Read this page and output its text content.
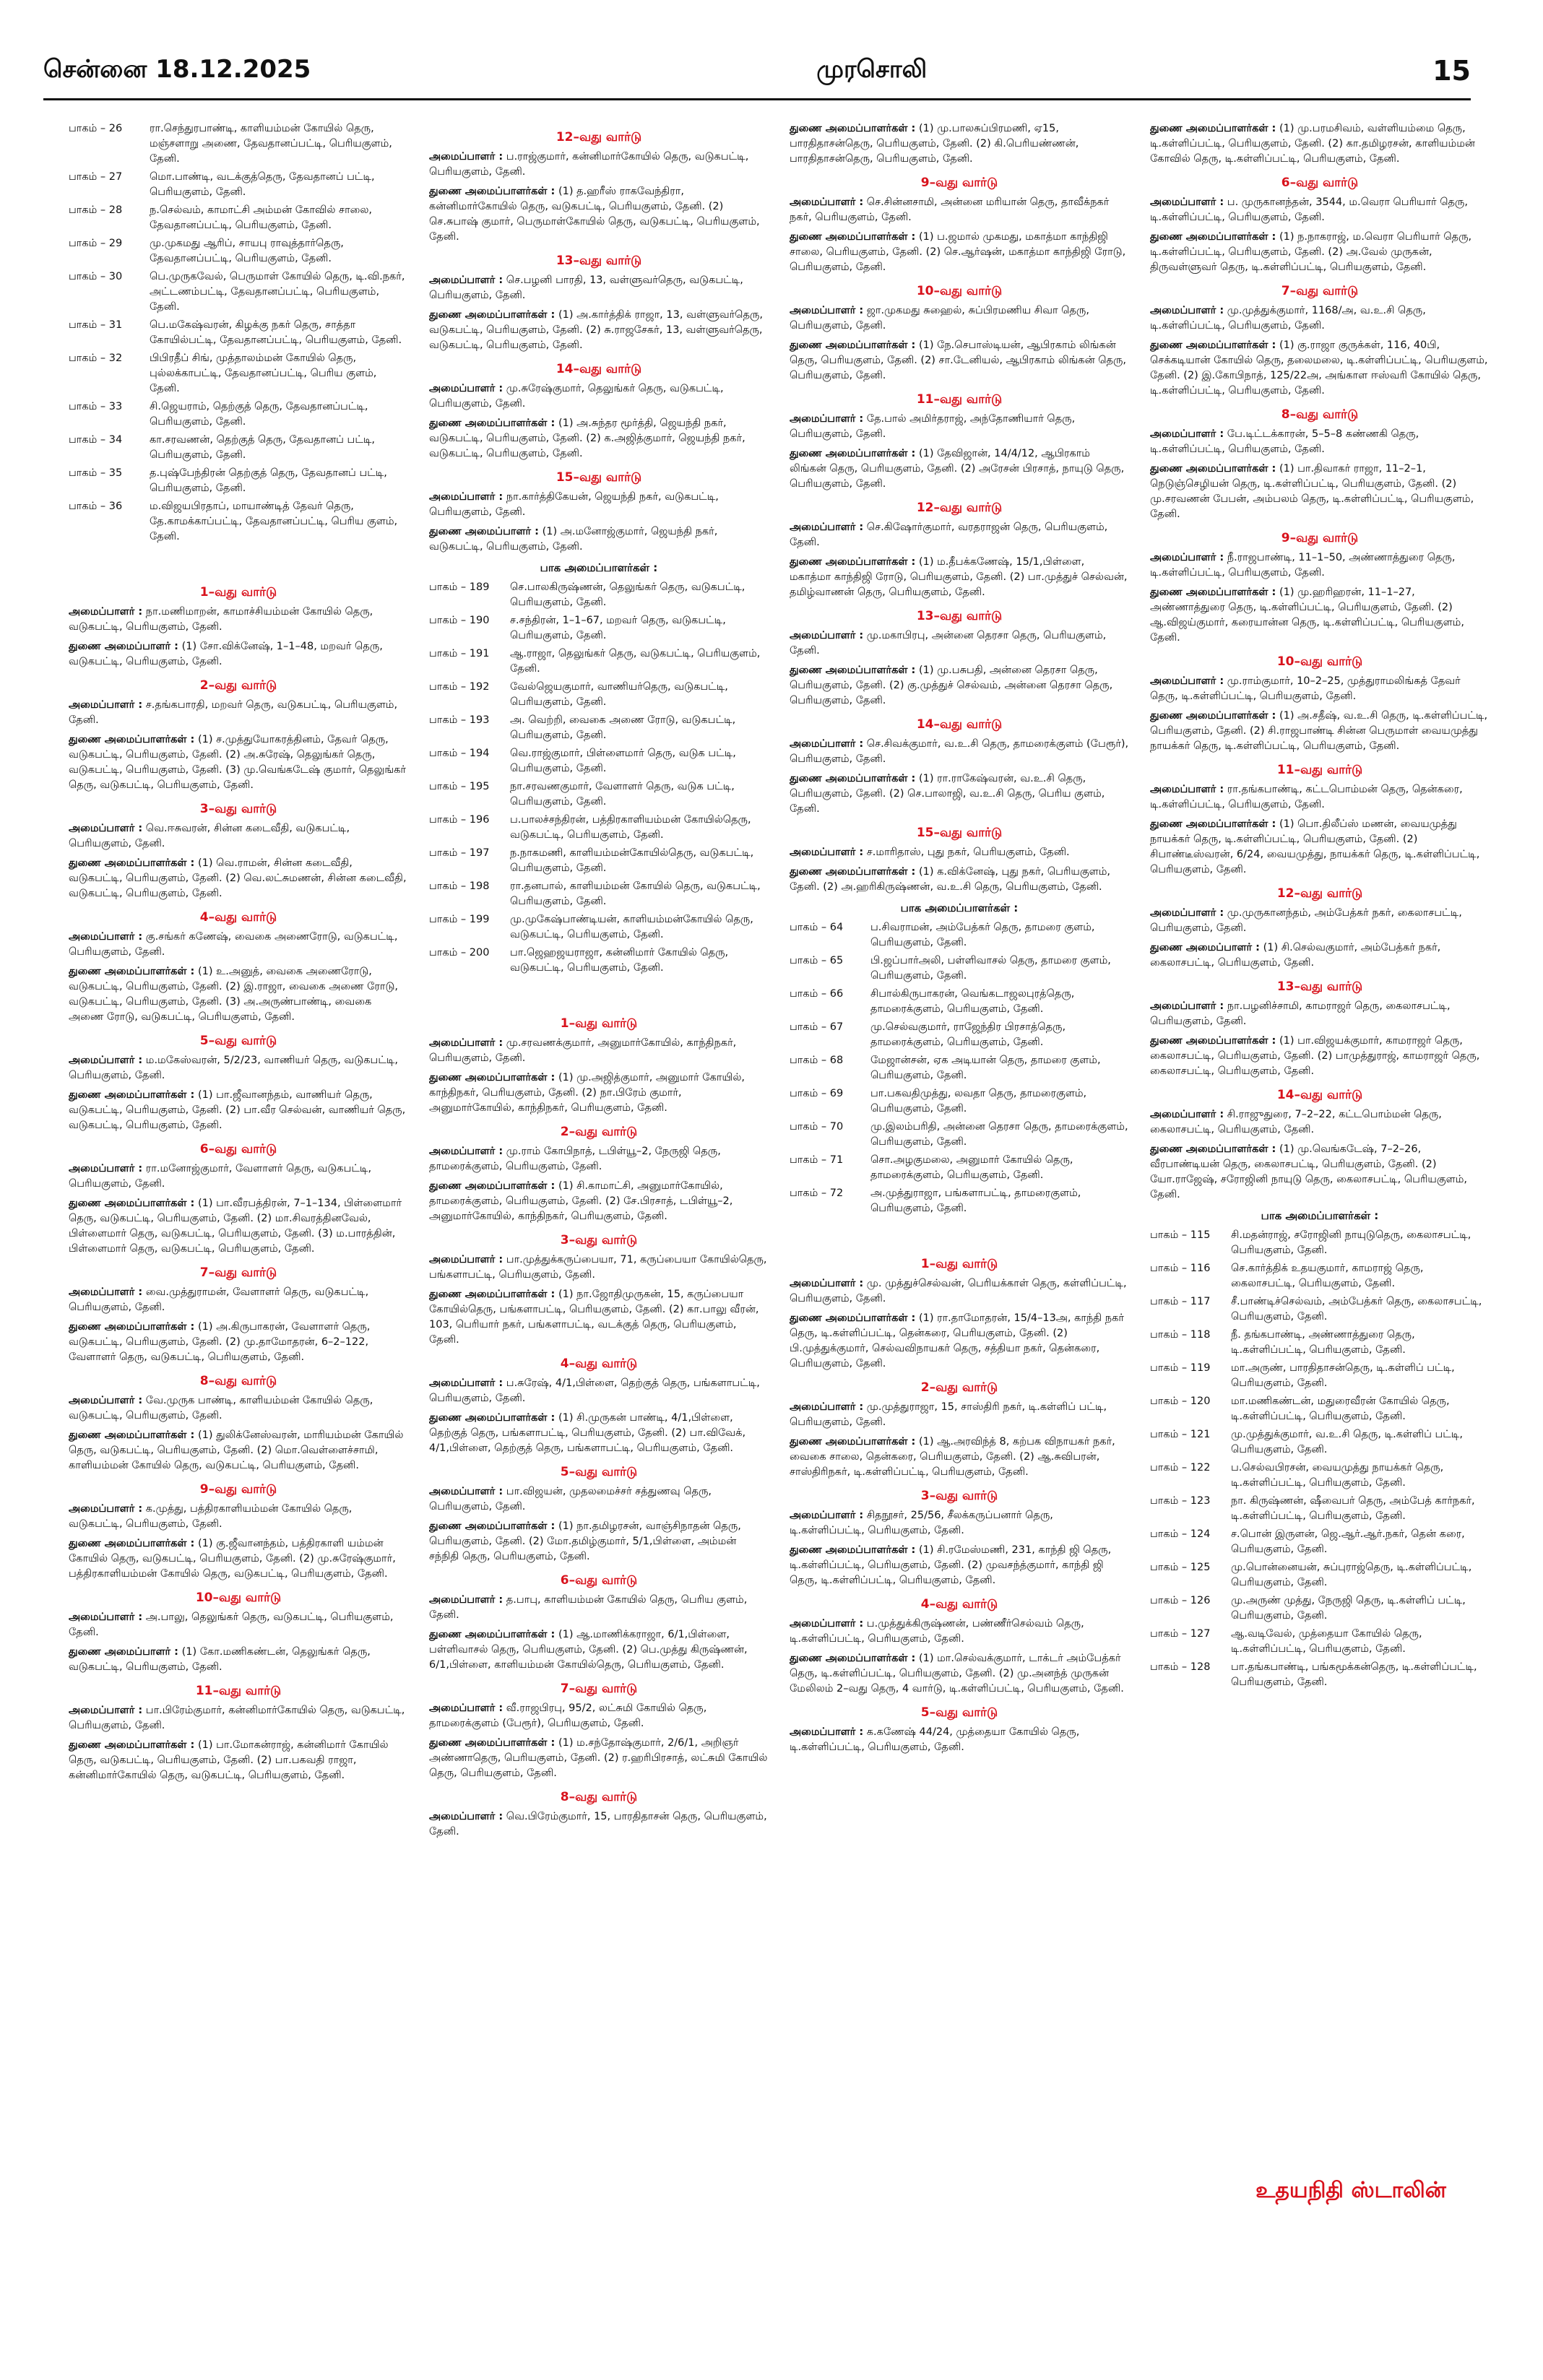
சென்னை 18.12.2025	முரசொலி	15
பாகம் – 26	ரா.செந்துரபாண்டி, காளியம்மன் கோயில் தெரு, மஞ்சளாறு அணை, தேவதானப்பட்டி, பெரியகுளம், தேனி.
பாகம் – 27	மொ.பாண்டி, வடக்குத்தெரு, தேவதானப் பட்டி, பெரியகுளம், தேனி.
பாகம் – 28	ந.செல்வம், காமாட்சி அம்மன் கோவில் சாலை, தேவதானப்பட்டி, பெரியகுளம், தேனி.
பாகம் – 29	மு.முகமது ஆரிப், சாயபு ராவுத்தார்தெரு, தேவதானப்பட்டி, பெரியகுளம், தேனி.
பாகம் – 30	பெ.முருகவேல், பெருமாள் கோயில் தெரு, டி.வி.நகர், அட்டணம்பட்டி, தேவதானப்பட்டி, பெரியகுளம், தேனி.
பாகம் – 31	பெ.மகேஷ்வரன், கிழக்கு நகர் தெரு, சாத்தா கோயில்பட்டி, தேவதானப்பட்டி, பெரியகுளம், தேனி.
பாகம் – 32	பிபிரதீப் சிங், முத்தாலம்மன் கோயில் தெரு, புல்லக்காபட்டி, தேவதானப்பட்டி, பெரிய குளம், தேனி.
பாகம் – 33	சி.ஜெயராம், தெற்குத் தெரு, தேவதானப்பட்டி, பெரியகுளம், தேனி.
பாகம் – 34	கா.சரவணன், தெற்குத் தெரு, தேவதானப் பட்டி, பெரியகுளம், தேனி.
பாகம் – 35	த.புஷ்பேந்திரன் தெற்குத் தெரு, தேவதானப் பட்டி, பெரியகுளம், தேனி.
பாகம் – 36	ம.விஜயபிரதாப், மாயாண்டித் தேவர் தெரு, தே.காமக்காப்பட்டி, தேவதானப்பட்டி, பெரிய குளம், தேனி.
1–வது வார்டு
அமைப்பாளர் : நா.மணிமாறன், காமாச்சியம்மன் கோயில் தெரு, வடுகபட்டி, பெரியகுளம், தேனி.
துணை அமைப்பாளர் : (1) சோ.விக்னேஷ், 1–1–48, மறவர் தெரு, வடுகபட்டி, பெரியகுளம், தேனி.
2–வது வார்டு
அமைப்பாளர் : ச.தங்கபாரதி, மறவர் தெரு, வடுகபட்டி, பெரியகுளம், தேனி.
துணை அமைப்பாளர்கள் : (1) ச.முத்துயோகரத்தினம், தேவர் தெரு, வடுகபட்டி, பெரியகுளம், தேனி. (2) அ.சுரேஷ், தெலுங்கர் தெரு, வடுகபட்டி, பெரியகுளம், தேனி. (3) மு.வெங்கடேஷ் குமார், தெலுங்கர் தெரு, வடுகபட்டி, பெரியகுளம், தேனி.
3–வது வார்டு
அமைப்பாளர் : வெ.ஈசுவரன், சின்ன கடைவீதி, வடுகபட்டி, பெரியகுளம், தேனி.
துணை அமைப்பாளர்கள் : (1) வெ.ராமன், சின்ன கடைவீதி, வடுகபட்டி, பெரியகுளம், தேனி. (2) வெ.லட்சுமணன், சின்ன கடைவீதி, வடுகபட்டி, பெரியகுளம், தேனி.
4–வது வார்டு
அமைப்பாளர் : கு.சங்கர் கணேஷ், வைகை அணைரோடு, வடுகபட்டி, பெரியகுளம், தேனி.
துணை அமைப்பாளர்கள் : (1) உ.அனுத், வைகை அணைரோடு, வடுகபட்டி, பெரியகுளம், தேனி. (2) இ.ராஜா, வைகை அணை ரோடு, வடுகபட்டி, பெரியகுளம், தேனி. (3) அ.அருண்பாண்டி, வைகை அணை ரோடு, வடுகபட்டி, பெரியகுளம், தேனி.
5–வது வார்டு
அமைப்பாளர் : ம.மகேஸ்வரன், 5/2/23, வாணியர் தெரு, வடுகபட்டி, பெரியகுளம், தேனி.
துணை அமைப்பாளர்கள் : (1) பா.ஜீவானந்தம், வாணியர் தெரு, வடுகபட்டி, பெரியகுளம், தேனி. (2) பா.வீர செல்வன், வாணியர் தெரு, வடுகபட்டி, பெரியகுளம், தேனி.
6–வது வார்டு
அமைப்பாளர் : ரா.மனோஜ்குமார், வேளாளர் தெரு, வடுகபட்டி, பெரியகுளம், தேனி.
துணை அமைப்பாளர்கள் : (1) பா.வீரபத்திரன், 7–1–134, பிள்ளைமார் தெரு, வடுகபட்டி, பெரியகுளம், தேனி. (2) மா.சிவரத்தினவேல், பிள்ளைமார் தெரு, வடுகபட்டி, பெரியகுளம், தேனி. (3) ம.பாரத்தின், பிள்ளைமார் தெரு, வடுகபட்டி, பெரியகுளம், தேனி.
7–வது வார்டு
அமைப்பாளர் : வை.முத்துராமன், வேளாளர் தெரு, வடுகபட்டி, பெரியகுளம், தேனி.
துணை அமைப்பாளர்கள் : (1) அ.கிருபாகரன், வேளாளர் தெரு, வடுகபட்டி, பெரியகுளம், தேனி. (2) மு.தாமோதரன், 6–2–122, வேளாளர் தெரு, வடுகபட்டி, பெரியகுளம், தேனி.
8–வது வார்டு
அமைப்பாளர் : வே.முருக பாண்டி, காளியம்மன் கோயில் தெரு, வடுகபட்டி, பெரியகுளம், தேனி.
துணை அமைப்பாளர்கள் : (1) துலிக்னேஸ்வரன், மாரியம்மன் கோயில் தெரு, வடுகபட்டி, பெரியகுளம், தேனி. (2) மொ.வெள்ளைச்சாமி, காளியம்மன் கோயில் தெரு, வடுகபட்டி, பெரியகுளம், தேனி.
9–வது வார்டு
அமைப்பாளர் : க.முத்து, பத்திரகாளியம்மன் கோயில் தெரு, வடுகபட்டி, பெரியகுளம், தேனி.
துணை அமைப்பாளர்கள் : (1) கு.ஜீவானந்தம், பத்திரகாளி யம்மன் கோயில் தெரு, வடுகபட்டி, பெரியகுளம், தேனி. (2) மு.சுரேஷ்குமார், பத்திரகாளியம்மன் கோயில் தெரு, வடுகபட்டி, பெரியகுளம், தேனி.
10–வது வார்டு
அமைப்பாளர் : அ.பாலு, தெலுங்கர் தெரு, வடுகபட்டி, பெரியகுளம், தேனி.
துணை அமைப்பாளர் : (1) கோ.மணிகண்டன், தெலுங்கர் தெரு, வடுகபட்டி, பெரியகுளம், தேனி.
11–வது வார்டு
அமைப்பாளர் : பா.பிரேம்குமார், கன்னிமார்கோயில் தெரு, வடுகபட்டி, பெரியகுளம், தேனி.
துணை அமைப்பாளர்கள் : (1) பா.மோகன்ராஜ், கன்னிமார் கோயில் தெரு, வடுகபட்டி, பெரியகுளம், தேனி. (2) பா.பகவதி ராஜா, கன்னிமார்கோயில் தெரு, வடுகபட்டி, பெரியகுளம், தேனி.
12–வது வார்டு
அமைப்பாளர் : ப.ராஜ்குமார், கன்னிமார்கோயில் தெரு, வடுகபட்டி, பெரியகுளம், தேனி.
துணை அமைப்பாளர்கள் : (1) த.ஹரீஸ் ராகவேந்திரா, கன்னிமார்கோயில் தெரு, வடுகபட்டி, பெரியகுளம், தேனி. (2) செ.சுபாஷ் குமார், பெருமாள்கோயில் தெரு, வடுகபட்டி, பெரியகுளம், தேனி.
13–வது வார்டு
அமைப்பாளர் : செ.பழனி பாரதி, 13, வள்ளுவர்தெரு, வடுகபட்டி, பெரியகுளம், தேனி.
துணை அமைப்பாளர்கள் : (1) அ.கார்த்திக் ராஜா, 13, வள்ளுவர்தெரு, வடுகபட்டி, பெரியகுளம், தேனி. (2) சு.ராஜசேகர், 13, வள்ளுவர்தெரு, வடுகபட்டி, பெரியகுளம், தேனி.
14–வது வார்டு
அமைப்பாளர் : மு.சுரேஷ்குமார், தெலுங்கர் தெரு, வடுகபட்டி, பெரியகுளம், தேனி.
துணை அமைப்பாளர்கள் : (1) அ.சுந்தர மூர்த்தி, ஜெயந்தி நகர், வடுகபட்டி, பெரியகுளம், தேனி. (2) க.அஜித்குமார், ஜெயந்தி நகர், வடுகபட்டி, பெரியகுளம், தேனி.
15–வது வார்டு
அமைப்பாளர் : நா.கார்த்திகேயன், ஜெயந்தி நகர், வடுகபட்டி, பெரியகுளம், தேனி.
துணை அமைப்பாளர் : (1) அ.மனோஜ்குமார், ஜெயந்தி நகர், வடுகபட்டி, பெரியகுளம், தேனி.
பாக அமைப்பாளர்கள் :
பாகம் – 189	செ.பாலகிருஷ்ணன், தெலுங்கர் தெரு, வடுகபட்டி, பெரியகுளம், தேனி.
பாகம் – 190	ச.சந்திரன், 1–1–67, மறவர் தெரு, வடுகபட்டி, பெரியகுளம், தேனி.
பாகம் – 191	ஆ.ராஜா, தெலுங்கர் தெரு, வடுகபட்டி, பெரியகுளம், தேனி.
பாகம் – 192	வேல்ஜெயகுமார், வாணியர்தெரு, வடுகபட்டி, பெரியகுளம், தேனி.
பாகம் – 193	அ. வெற்றி, வைகை அணை ரோடு, வடுகபட்டி, பெரியகுளம், தேனி.
பாகம் – 194	வெ.ராஜ்குமார், பிள்ளைமார் தெரு, வடுக பட்டி, பெரியகுளம், தேனி.
பாகம் – 195	நா.சரவணகுமார், வேளாளர் தெரு, வடுக பட்டி, பெரியகுளம், தேனி.
பாகம் – 196	ப.பாலச்சந்திரன், பத்திரகாளியம்மன் கோயில்தெரு, வடுகபட்டி, பெரியகுளம், தேனி.
பாகம் – 197	ந.நாகமணி, காளியம்மன்கோயில்தெரு, வடுகபட்டி, பெரியகுளம், தேனி.
பாகம் – 198	ரா.தனபால், காளியம்மன் கோயில் தெரு, வடுகபட்டி, பெரியகுளம், தேனி.
பாகம் – 199	மு.முகேஷ்பாண்டியன், காளியம்மன்கோயில் தெரு, வடுகபட்டி, பெரியகுளம், தேனி.
பாகம் – 200	பா.ஜெஹஜயராஜா, கன்னிமார் கோயில் தெரு, வடுகபட்டி, பெரியகுளம், தேனி.
1–வது வார்டு
அமைப்பாளர் : மு.சரவணக்குமார், அனுமார்கோயில், காந்திநகர், பெரியகுளம், தேனி.
துணை அமைப்பாளர்கள் : (1) மு.அஜித்குமார், அனுமார் கோயில், காந்திநகர், பெரியகுளம், தேனி. (2) நா.பிரேம் குமார், அனுமார்கோயில், காந்திநகர், பெரியகுளம், தேனி.
2–வது வார்டு
அமைப்பாளர் : மு.ராம் கோபிநாத், டபிள்யூ–2, நேருஜி தெரு, தாமரைக்குளம், பெரியகுளம், தேனி.
துணை அமைப்பாளர்கள் : (1) சி.காமாட்சி, அனுமார்கோயில், தாமரைக்குளம், பெரியகுளம், தேனி. (2) சே.பிரசாத், டபிள்யூ–2, அனுமார்கோயில், காந்திநகர், பெரியகுளம், தேனி.
3–வது வார்டு
அமைப்பாளர் : பா.முத்துக்கருப்பையா, 71, கருப்பையா கோயில்தெரு, பங்களாபட்டி, பெரியகுளம், தேனி.
துணை அமைப்பாளர்கள் : (1) நா.ஜோதிமுருகன், 15, கருப்பையா கோயில்தெரு, பங்களாபட்டி, பெரியகுளம், தேனி. (2) கா.பாலு வீரன், 103, பெரியார் நகர், பங்களாபட்டி, வடக்குத் தெரு, பெரியகுளம், தேனி.
4–வது வார்டு
அமைப்பாளர் : ப.சுரேஷ், 4/1,பிள்ளை, தெற்குத் தெரு, பங்களாபட்டி, பெரியகுளம், தேனி.
துணை அமைப்பாளர்கள் : (1) சி.முருகன் பாண்டி, 4/1,பிள்ளை, தெற்குத் தெரு, பங்களாபட்டி, பெரியகுளம், தேனி. (2) பா.விவேக், 4/1,பிள்ளை, தெற்குத் தெரு, பங்களாபட்டி, பெரியகுளம், தேனி.
5–வது வார்டு
அமைப்பாளர் : பா.விஜயன், முதலமைச்சர் சத்துணவு தெரு, பெரியகுளம், தேனி.
துணை அமைப்பாளர்கள் : (1) நா.தமிழரசன், வாஞ்சிநாதன் தெரு, பெரியகுளம், தேனி. (2) மோ.தமிழ்குமார், 5/1,பிள்ளை, அம்மன் சந்நிதி தெரு, பெரியகுளம், தேனி.
6–வது வார்டு
அமைப்பாளர் : த.பாபு, காளியம்மன் கோயில் தெரு, பெரிய குளம், தேனி.
துணை அமைப்பாளர்கள் : (1) ஆ.மாணிக்கராஜா, 6/1,பிள்ளை, பள்ளிவாசல் தெரு, பெரியகுளம், தேனி. (2) பெ.முத்து கிருஷ்ணன், 6/1,பிள்ளை, காளியம்மன் கோயில்தெரு, பெரியகுளம், தேனி.
7–வது வார்டு
அமைப்பாளர் : வீ.ராஜபிரபு, 95/2, லட்சுமி கோயில் தெரு, தாமரைக்குளம் (பேரூர்), பெரியகுளம், தேனி.
துணை அமைப்பாளர்கள் : (1) ம.சந்தோஷ்குமார், 2/6/1, அறிஞர் அண்ணாதெரு, பெரியகுளம், தேனி. (2) ர.ஹரிபிரசாத், லட்சுமி கோயில் தெரு, பெரியகுளம், தேனி.
8–வது வார்டு
அமைப்பாளர் : வெ.பிரேம்குமார், 15, பாரதிதாசன் தெரு, பெரியகுளம், தேனி.
துணை அமைப்பாளர்கள் : (1) மு.பாலசுப்பிரமணி, ஏ15, பாரதிதாசன்தெரு, பெரியகுளம், தேனி. (2) கி.பெரியண்ணன், பாரதிதாசன்தெரு, பெரியகுளம், தேனி.
9–வது வார்டு
அமைப்பாளர் : செ.சின்னசாமி, அன்னை மரியான் தெரு, தாவீக்நகர் நகர், பெரியகுளம், தேனி.
துணை அமைப்பாளர்கள் : (1) ப.ஜமால் முகமது, மகாத்மா காந்திஜி சாலை, பெரியகுளம், தேனி. (2) செ.ஆர்ஷன், மகாத்மா காந்திஜி ரோடு, பெரியகுளம், தேனி.
10–வது வார்டு
அமைப்பாளர் : ஜா.முகமது சுஹைல், சுப்பிரமணிய சிவா தெரு, பெரியகுளம், தேனி.
துணை அமைப்பாளர்கள் : (1) நே.செபாஸ்டியன், ஆபிரகாம் லிங்கன் தெரு, பெரியகுளம், தேனி. (2) சா.டேனியல், ஆபிரகாம் லிங்கன் தெரு, பெரியகுளம், தேனி.
11–வது வார்டு
அமைப்பாளர் : தே.பால் அமிர்தராஜ், அந்தோணியார் தெரு, பெரியகுளம், தேனி.
துணை அமைப்பாளர்கள் : (1) தேவிஜான், 14/4/12, ஆபிரகாம் லிங்கன் தெரு, பெரியகுளம், தேனி. (2) அரேசன் பிரசாத், நாயுடு தெரு, பெரியகுளம், தேனி.
12–வது வார்டு
அமைப்பாளர் : செ.கிஷோர்குமார், வரதராஜன் தெரு, பெரியகுளம், தேனி.
துணை அமைப்பாளர்கள் : (1) ம.தீபக்கணேஷ், 15/1,பிள்ளை, மகாத்மா காந்திஜி ரோடு, பெரியகுளம், தேனி. (2) பா.முத்துச் செல்வன், தமிழ்வாணன் தெரு, பெரியகுளம், தேனி.
13–வது வார்டு
அமைப்பாளர் : மு.மகாபிரபு, அன்னை தெரசா தெரு, பெரியகுளம், தேனி.
துணை அமைப்பாளர்கள் : (1) மு.பசுபதி, அன்னை தெரசா தெரு, பெரியகுளம், தேனி. (2) கு.முத்துச் செல்வம், அன்னை தெரசா தெரு, பெரியகுளம், தேனி.
14–வது வார்டு
அமைப்பாளர் : செ.சிவக்குமார், வ.உ.சி தெரு, தாமரைக்குளம் (பேரூர்), பெரியகுளம், தேனி.
துணை அமைப்பாளர்கள் : (1) ரா.ராகேஷ்வரன், வ.உ.சி தெரு, பெரியகுளம், தேனி. (2) செ.பாலாஜி, வ.உ.சி தெரு, பெரிய குளம், தேனி.
15–வது வார்டு
அமைப்பாளர் : ச.மாரிதாஸ், புது நகர், பெரியகுளம், தேனி.
துணை அமைப்பாளர்கள் : (1) க.விக்னேஷ், புது நகர், பெரியகுளம், தேனி. (2) அ.ஹரிகிருஷ்ணன், வ.உ.சி தெரு, பெரியகுளம், தேனி.
பாக அமைப்பாளர்கள் :
பாகம் – 64	ப.சிவராமன், அம்பேத்கர் தெரு, தாமரை குளம், பெரியகுளம், தேனி.
பாகம் – 65	பி.ஜப்பார்அலி, பள்ளிவாசல் தெரு, தாமரை குளம், பெரியகுளம், தேனி.
பாகம் – 66	சிபால்கிருபாகரன், வெங்கடாஜலபுரத்தெரு, தாமரைக்குளம், பெரியகுளம், தேனி.
பாகம் – 67	மு.செல்வகுமார், ராஜேந்திர பிரசாத்தெரு, தாமரைக்குளம், பெரியகுளம், தேனி.
பாகம் – 68	மேஜான்சன், ஏக அடியான் தெரு, தாமரை குளம், பெரியகுளம், தேனி.
பாகம் – 69	பா.பகவதிமுத்து, லவதா தெரு, தாமரைகுளம், பெரியகுளம், தேனி.
பாகம் – 70	மு.இலம்பரிதி, அன்னை தெரசா தெரு, தாமரைக்குளம், பெரியகுளம், தேனி.
பாகம் – 71	சொ.அழகுமலை, அனுமார் கோயில் தெரு, தாமரைக்குளம், பெரியகுளம், தேனி.
பாகம் – 72	அ.முத்துராஜா, பங்களாபட்டி, தாமரைகுளம், பெரியகுளம், தேனி.
1–வது வார்டு
அமைப்பாளர் : மு. முத்துச்செல்வன், பெரியக்காள் தெரு, கள்ளிப்பட்டி, பெரியகுளம், தேனி.
துணை அமைப்பாளர்கள் : (1) ரா.தாமோதரன், 15/4–13அ, காந்தி நகர் தெரு, டி.கள்ளிப்பட்டி, தென்கரை, பெரியகுளம், தேனி. (2) பி.முத்துக்குமார், செல்வவிநாயகர் தெரு, சத்தியா நகர், தென்கரை, பெரியகுளம், தேனி.
2–வது வார்டு
அமைப்பாளர் : மு.முத்துராஜா, 15, சாஸ்திரி நகர், டி.கள்ளிப் பட்டி, பெரியகுளம், தேனி.
துணை அமைப்பாளர்கள் : (1) ஆ.அரவிந்த் 8, கற்பக விநாயகர் நகர், வைகை சாலை, தென்கரை, பெரியகுளம், தேனி. (2) ஆ.சுவிபரன், சாஸ்திரிநகர், டி.கள்ளிப்பட்டி, பெரியகுளம், தேனி.
3–வது வார்டு
அமைப்பாளர் : சிதநூசர், 25/56, சீலக்கருப்பனார் தெரு, டி.கள்ளிப்பட்டி, பெரியகுளம், தேனி.
துணை அமைப்பாளர்கள் : (1) சி.ரமேஸ்மணி, 231, காந்தி ஜி தெரு, டி.கள்ளிப்பட்டி, பெரியகுளம், தேனி. (2) முவசந்த்குமார், காந்தி ஜி தெரு, டி.கள்ளிப்பட்டி, பெரியகுளம், தேனி.
4–வது வார்டு
அமைப்பாளர் : ப.முத்துக்கிருஷ்ணன், பண்ணீர்செல்வம் தெரு, டி.கள்ளிப்பட்டி, பெரியகுளம், தேனி.
துணை அமைப்பாளர்கள் : (1) மா.செல்வக்குமார், டாக்டர் அம்பேத்கர் தெரு, டி.கள்ளிப்பட்டி, பெரியகுளம், தேனி. (2) மு.அனந்த் முருகன் மேலிலம் 2–வது தெரு, 4 வார்டு, டி.கள்ளிப்பட்டி, பெரியகுளம், தேனி.
5–வது வார்டு
அமைப்பாளர் : க.கணேஷ் 44/24, முத்தையா கோயில் தெரு, டி.கள்ளிப்பட்டி, பெரியகுளம், தேனி.
துணை அமைப்பாளர்கள் : (1) மு.பரமசிவம், வள்ளியம்மை தெரு, டி.கள்ளிப்பட்டி, பெரியகுளம், தேனி. (2) கா.தமிழரசன், காளியம்மன் கோவில் தெரு, டி.கள்ளிப்பட்டி, பெரியகுளம், தேனி.
6–வது வார்டு
அமைப்பாளர் : ப. முருகானந்தன், 3544, ம.வெரா பெரியார் தெரு, டி.கள்ளிப்பட்டி, பெரியகுளம், தேனி.
துணை அமைப்பாளர்கள் : (1) ந.நாகராஜ், ம.வெரா பெரியார் தெரு, டி.கள்ளிப்பட்டி, பெரியகுளம், தேனி. (2) அ.வேல் முருகன், திருவள்ளுவர் தெரு, டி.கள்ளிப்பட்டி, பெரியகுளம், தேனி.
7–வது வார்டு
அமைப்பாளர் : மு.முத்துக்குமார், 1168/அ, வ.உ.சி தெரு, டி.கள்ளிப்பட்டி, பெரியகுளம், தேனி.
துணை அமைப்பாளர்கள் : (1) கு.ராஜா குருக்கள், 116, 40பி, செக்கடியான் கோயில் தெரு, தலைமலை, டி.கள்ளிப்பட்டி, பெரியகுளம், தேனி. (2) இ.கோபிநாத், 125/22அ, அங்காள ஈஸ்வரி கோயில் தெரு, டி.கள்ளிப்பட்டி, பெரியகுளம், தேனி.
8–வது வார்டு
அமைப்பாளர் : பே.டிட்டக்காரன், 5–5–8 கண்ணகி தெரு, டி.கள்ளிப்பட்டி, பெரியகுளம், தேனி.
துணை அமைப்பாளர்கள் : (1) பா.திவாகர் ராஜா, 11–2–1, நெடுஞ்செழியன் தெரு, டி.கள்ளிப்பட்டி, பெரியகுளம், தேனி. (2) மு.சரவணன் பேபன், அம்பலம் தெரு, டி.கள்ளிப்பட்டி, பெரியகுளம், தேனி.
9–வது வார்டு
அமைப்பாளர் : நீ.ராஜபாண்டி, 11–1–50, அண்ணாத்துரை தெரு, டி.கள்ளிப்பட்டி, பெரியகுளம், தேனி.
துணை அமைப்பாளர்கள் : (1) மு.ஹரிஹரன், 11–1–27, அண்ணாத்துரை தெரு, டி.கள்ளிப்பட்டி, பெரியகுளம், தேனி. (2) ஆ.விஜய்குமார், கரையான்ன தெரு, டி.கள்ளிப்பட்டி, பெரியகுளம், தேனி.
10–வது வார்டு
அமைப்பாளர் : மு.ராம்குமார், 10–2–25, முத்துராமலிங்கத் தேவர் தெரு, டி.கள்ளிப்பட்டி, பெரியகுளம், தேனி.
துணை அமைப்பாளர்கள் : (1) அ.சதீஷ், வ.உ.சி தெரு, டி.கள்ளிப்பட்டி, பெரியகுளம், தேனி. (2) சி.ராஜபாண்டி சின்ன பெருமாள் வையமுத்து நாயக்கர் தெரு, டி.கள்ளிப்பட்டி, பெரியகுளம், தேனி.
11–வது வார்டு
அமைப்பாளர் : ரா.தங்கபாண்டி, கட்டபொம்மன் தெரு, தென்கரை, டி.கள்ளிப்பட்டி, பெரியகுளம், தேனி.
துணை அமைப்பாளர்கள் : (1) பொ.திலீப்ஸ் மணன், வையமுத்து நாயக்கர் தெரு, டி.கள்ளிப்பட்டி, பெரியகுளம், தேனி. (2) சிபாண்டீஸ்வரன், 6/24, வையமுத்து, நாயக்கர் தெரு, டி.கள்ளிப்பட்டி, பெரியகுளம், தேனி.
12–வது வார்டு
அமைப்பாளர் : மு.முருகானந்தம், அம்பேத்கர் நகர், கைலாசபட்டி, பெரியகுளம், தேனி.
துணை அமைப்பாளர் : (1) சி.செல்வகுமார், அம்பேத்கர் நகர், கைலாசபட்டி, பெரியகுளம், தேனி.
13–வது வார்டு
அமைப்பாளர் : நா.பழனிச்சாமி, காமராஜர் தெரு, கைலாசபட்டி, பெரியகுளம், தேனி.
துணை அமைப்பாளர்கள் : (1) பா.விஜயக்குமார், காமராஜர் தெரு, கைலாசபட்டி, பெரியகுளம், தேனி. (2) பாமுத்துராஜ், காமராஜர் தெரு, கைலாசபட்டி, பெரியகுளம், தேனி.
14–வது வார்டு
அமைப்பாளர் : சி.ராஜுதுரை, 7–2–22, கட்டபொம்மன் தெரு, கைலாசபட்டி, பெரியகுளம், தேனி.
துணை அமைப்பாளர்கள் : (1) மு.வெங்கடேஷ், 7–2–26, வீரபாண்டியன் தெரு, கைலாசபட்டி, பெரியகுளம், தேனி. (2) யோ.ராஜேஷ், சரோஜினி நாயுடு தெரு, கைலாசபட்டி, பெரியகுளம், தேனி.
பாக அமைப்பாளர்கள் :
பாகம் – 115	சி.மதன்ராஜ், சரோஜினி நாயுடுதெரு, கைலாசபட்டி, பெரியகுளம், தேனி.
பாகம் – 116	செ.கார்த்திக் உதயகுமார், காமராஜ் தெரு, கைலாசபட்டி, பெரியகுளம், தேனி.
பாகம் – 117	சீ.பாண்டிச்செல்வம், அம்பேத்கர் தெரு, கைலாசபட்டி, பெரியகுளம், தேனி.
பாகம் – 118	நீ. தங்கபாண்டி, அண்ணாத்துரை தெரு, டி.கள்ளிப்பட்டி, பெரியகுளம், தேனி.
பாகம் – 119	மா.அருண், பாரதிதாசன்தெரு, டி.கள்ளிப் பட்டி, பெரியகுளம், தேனி.
பாகம் – 120	மா.மணிகண்டன், மதுரைவீரன் கோயில் தெரு, டி.கள்ளிப்பட்டி, பெரியகுளம், தேனி.
பாகம் – 121	மு.முத்துக்குமார், வ.உ.சி தெரு, டி.கள்ளிப் பட்டி, பெரியகுளம், தேனி.
பாகம் – 122	ப.செல்வபிரசன், வையமுத்து நாயக்கர் தெரு, டி.கள்ளிப்பட்டி, பெரியகுளம், தேனி.
பாகம் – 123	நா. கிருஷ்ணன், ஷீவைபர் தெரு, அம்பேத் கார்நகர், டி.கள்ளிப்பட்டி, பெரியகுளம், தேனி.
பாகம் – 124	ச.பொன் இருளன், ஜெ.ஆர்.ஆர்.நகர், தென் கரை, பெரியகுளம், தேனி.
பாகம் – 125	மு.பொன்னையன், சுப்புராஜ்தெரு, டி.கள்ளிப்பட்டி, பெரியகுளம், தேனி.
பாகம் – 126	மு.அருண் முத்து, நேருஜி தெரு, டி.கள்ளிப் பட்டி, பெரியகுளம், தேனி.
பாகம் – 127	ஆ.வடிவேல், முத்தையா கோயில் தெரு, டி.கள்ளிப்பட்டி, பெரியகுளம், தேனி.
பாகம் – 128	பா.தங்கபாண்டி, பங்கமூக்கன்தெரு, டி.கள்ளிப்பட்டி, பெரியகுளம், தேனி.
உதயநிதி ஸ்டாலின்
